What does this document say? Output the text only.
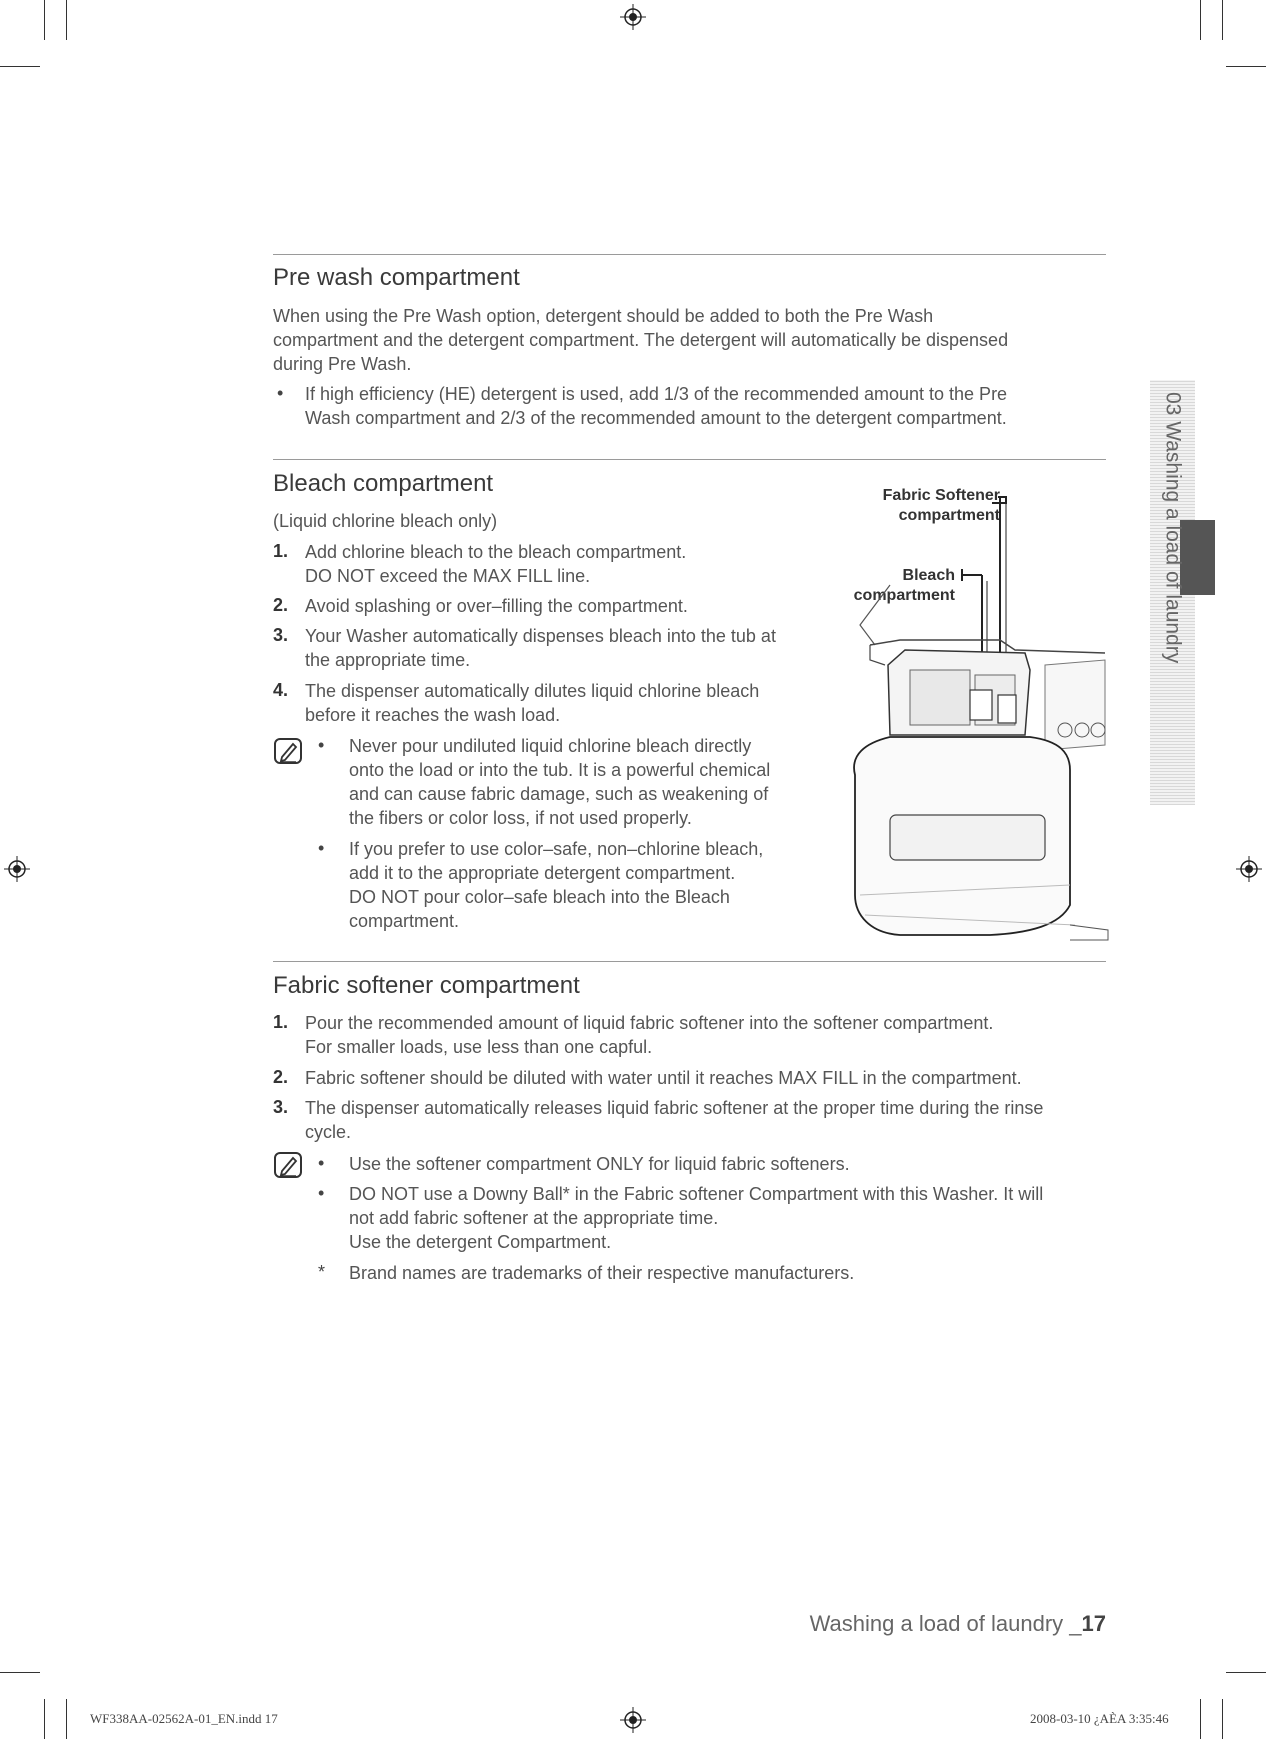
03 Washing a load of laundry
Pre wash compartment

When using the Pre Wash option, detergent should be added to both the Pre Wash

compartment and the detergent compartment. The detergent will automatically be dispensed

during Pre Wash.

• If high efficiency (HE) detergent is used, add 1/3 of the recommended amount to the Pre
Wash compartment and 2/3 of the recommended amount to the detergent compartment.
Bleach compartment
(Liquid chlorine bleach only)
1. Add chlorine bleach to the bleach compartment.
DO NOT exceed the MAX FILL line.
2. Avoid splashing or over–filling the compartment.
3. Your Washer automatically dispenses bleach into the tub at
the appropriate time.
4. The dispenser automatically dilutes liquid chlorine bleach
before it reaches the wash load.
• Never pour undiluted liquid chlorine bleach directly
onto the load or into the tub. It is a powerful chemical
and can cause fabric damage, such as weakening of
the fibers or color loss, if not used properly.
• If you prefer to use color–safe, non–chlorine bleach,
add it to the appropriate detergent compartment.
DO NOT pour color–safe bleach into the Bleach
compartment.
Fabric Softener
compartment
Bleach
compartment
Fabric softener compartment
1. Pour the recommended amount of liquid fabric softener into the softener compartment.
For smaller loads, use less than one capful.
2. Fabric softener should be diluted with water until it reaches MAX FILL in the compartment.
3. The dispenser automatically releases liquid fabric softener at the proper time during the rinse
cycle.
• Use the softener compartment ONLY for liquid fabric softeners.
• DO NOT use a Downy Ball* in the Fabric softener Compartment with this Washer. It will
not add fabric softener at the appropriate time.
Use the detergent Compartment.
* Brand names are trademarks of their respective manufacturers.
Washing a load of laundry _17
WF338AA-02562A-01_EN.indd 17	2008-03-10 ¿AÈA 3:35:46
